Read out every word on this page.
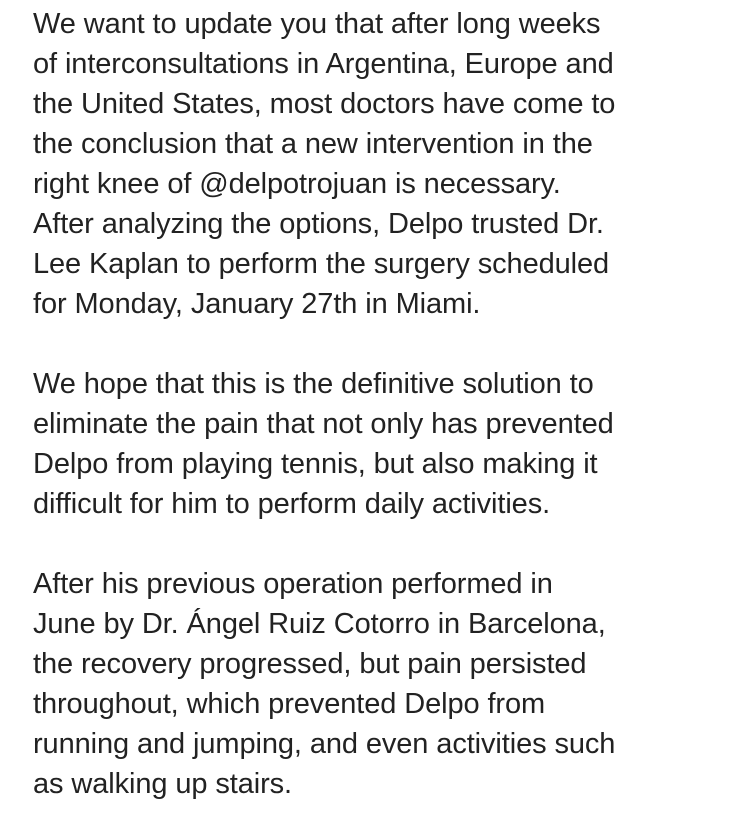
We want to update you that after long weeks
of interconsultations in Argentina, Europe and
the United States, most doctors have come to
the conclusion that a new intervention in the
right knee of @delpotrojuan is necessary.
After analyzing the options, Delpo trusted Dr.
Lee Kaplan to perform the surgery scheduled
for Monday, January 27th in Miami.

We hope that this is the definitive solution to
eliminate the pain that not only has prevented
Delpo from playing tennis, but also making it
difficult for him to perform daily activities.

After his previous operation performed in
June by Dr. Ángel Ruiz Cotorro in Barcelona,
the recovery progressed, but pain persisted
throughout, which prevented Delpo from
running and jumping, and even activities such
as walking up stairs.
